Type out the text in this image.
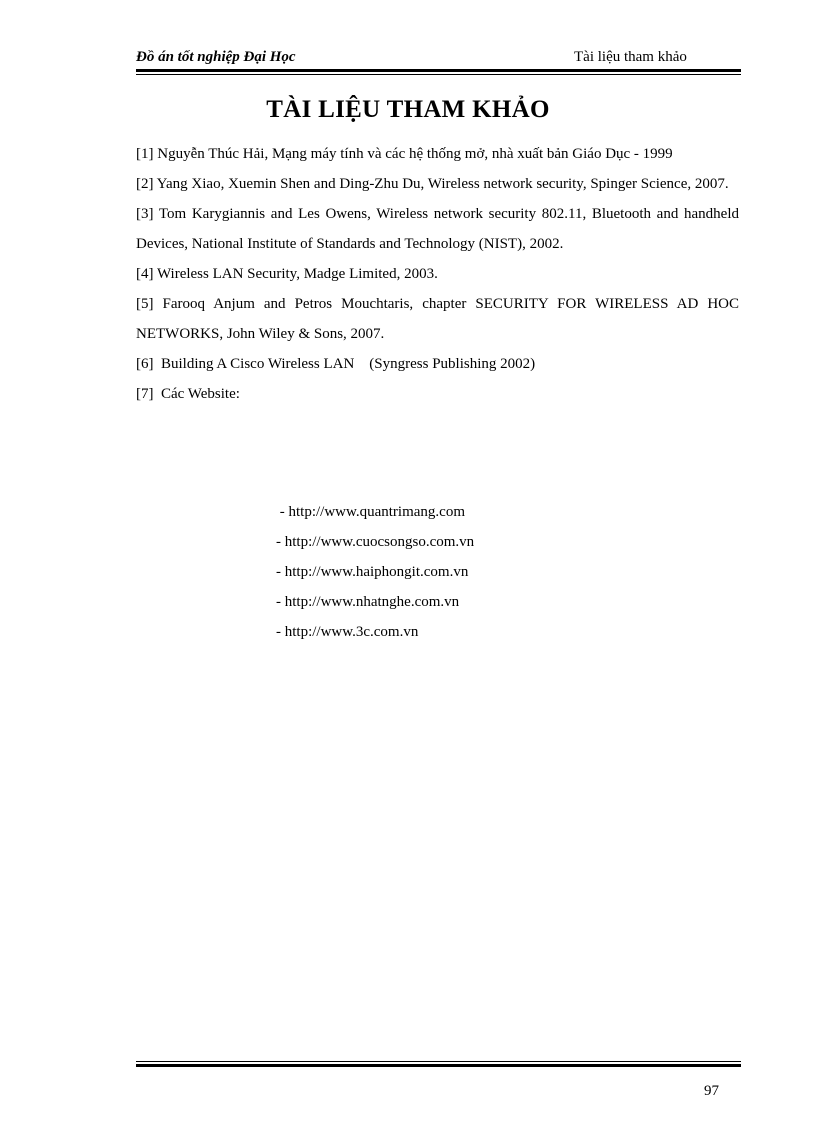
Đồ án tốt nghiệp Đại Học	Tài liệu tham khảo
TÀI LIỆU THAM KHẢO

[1] Nguyễn Thúc Hải, Mạng máy tính và các hệ thống mở, nhà xuất bản Giáo Dục - 1999

[2] Yang Xiao, Xuemin Shen and Ding-Zhu Du, Wireless network security, Spinger Science, 2007.

[3] Tom Karygiannis and Les Owens, Wireless network security 802.11, Bluetooth and handheld Devices, National Institute of Standards and Technology (NIST), 2002.

[4] Wireless LAN Security, Madge Limited, 2003.

[5] Farooq Anjum and Petros Mouchtaris, chapter SECURITY FOR WIRELESS AD HOC NETWORKS, John Wiley & Sons, 2007.

[6]  Building A Cisco Wireless LAN    (Syngress Publishing 2002)

[7]  Các Website:

- http://www.quantrimang.com
- http://www.cuocsongso.com.vn
- http://www.haiphongit.com.vn
- http://www.nhatnghe.com.vn
- http://www.3c.com.vn
97
